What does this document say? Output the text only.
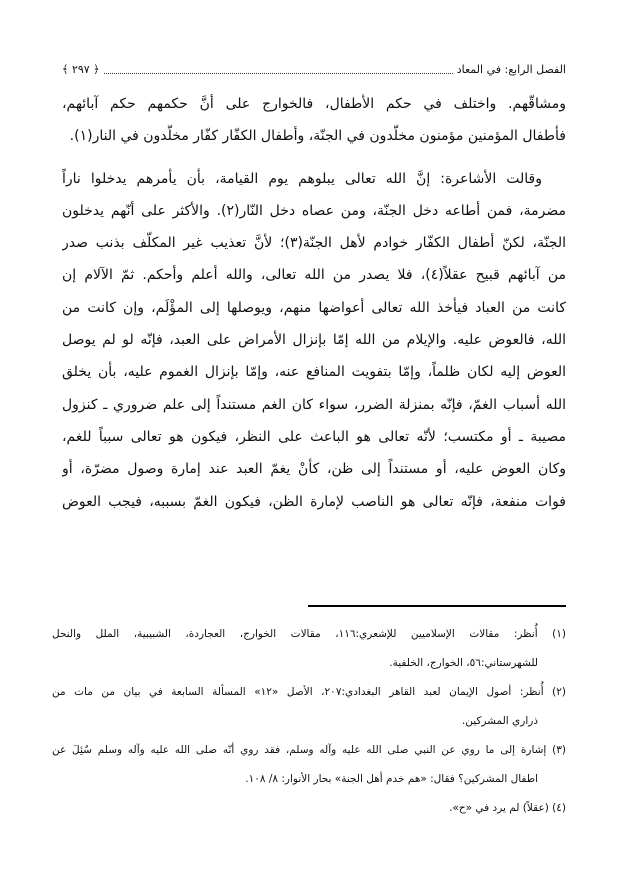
الفصل الرابع: في المعاد
﴿ ٢٩٧ ﴾
ومشاقّهم. واختلف في حكم الأطفال، فالخوارج على أنَّ حكمهم حكم آبائهم،
فأطفال المؤمنين مؤمنون مخلّدون في الجنّة، وأطفال الكفّار كفّار مخلّدون في النار(١).
وقالت الأشاعرة: إنَّ الله تعالى يبلوهم يوم القيامة، بأن يأمرهم يدخلوا ناراً
مضرمة، فمن أطاعه دخل الجنّة، ومن عصاه دخل النّار(٢). والأكثر على أنّهم يدخلون
الجنّة، لكنّ أطفال الكفّار خوادم لأهل الجنّة(٣)؛ لأنَّ تعذيب غير المكلّف بذنب صدر
من آبائهم قبيح عقلاً(٤)، فلا يصدر من الله تعالى، والله أعلم وأحكم. ثمّ الآلام إن
كانت من العباد فيأخذ الله تعالى أعواضها منهم، ويوصلها إلى المؤْلَم، وإن كانت من
الله، فالعوض عليه. والإيلام من الله إمّا بإنزال الأمراض على العبد، فإنّه لو لم يوصل
العوض إليه لكان ظلماً، وإمّا بتفويت المنافع عنه، وإمّا بإنزال الغموم عليه، بأن يخلق
الله أسباب الغمّ، فإنّه بمنزلة الضرر، سواء كان الغم مستنداً إلى علم ضروري ـ كنزول
مصيبة ـ أو مكتسب؛ لأنّه تعالى هو الباعث على النظر، فيكون هو تعالى سبباً للغم،
وكان العوض عليه، أو مستنداً إلى ظن، كأنْ يغمّ العبد عند إمارة وصول مضرّة، أو
فوات منفعة، فإنّه تعالى هو الناصب لإمارة الظن، فيكون الغمّ بسببه، فيجب العوض
(١) أُنظر: مقالات الإسلاميين للإشعري:١١٦، مقالات الخوارج، العجاردة، الشبيبية، الملل والنحل
للشهرستاني:٥٦، الخوارج، الخلفية.
(٢) أُنظر: أصول الإيمان لعبد القاهر البغدادي:٢٠٧، الأصل «١٢» المسألة السابعة في بيان من مات من
ذراري المشركين.
(٣) إشارة إلى ما روي عن النبي صلى الله عليه وآله وسلم، فقد روي أنّه صلى الله عليه وآله وسلم سُئِلَ عن
اطفال المشركين؟ فقال: «هم خدم أهل الجنة» بحار الأنوار: ٨/ ١٠٨.
(٤) (عقلاً) لم يرد في «ح».
